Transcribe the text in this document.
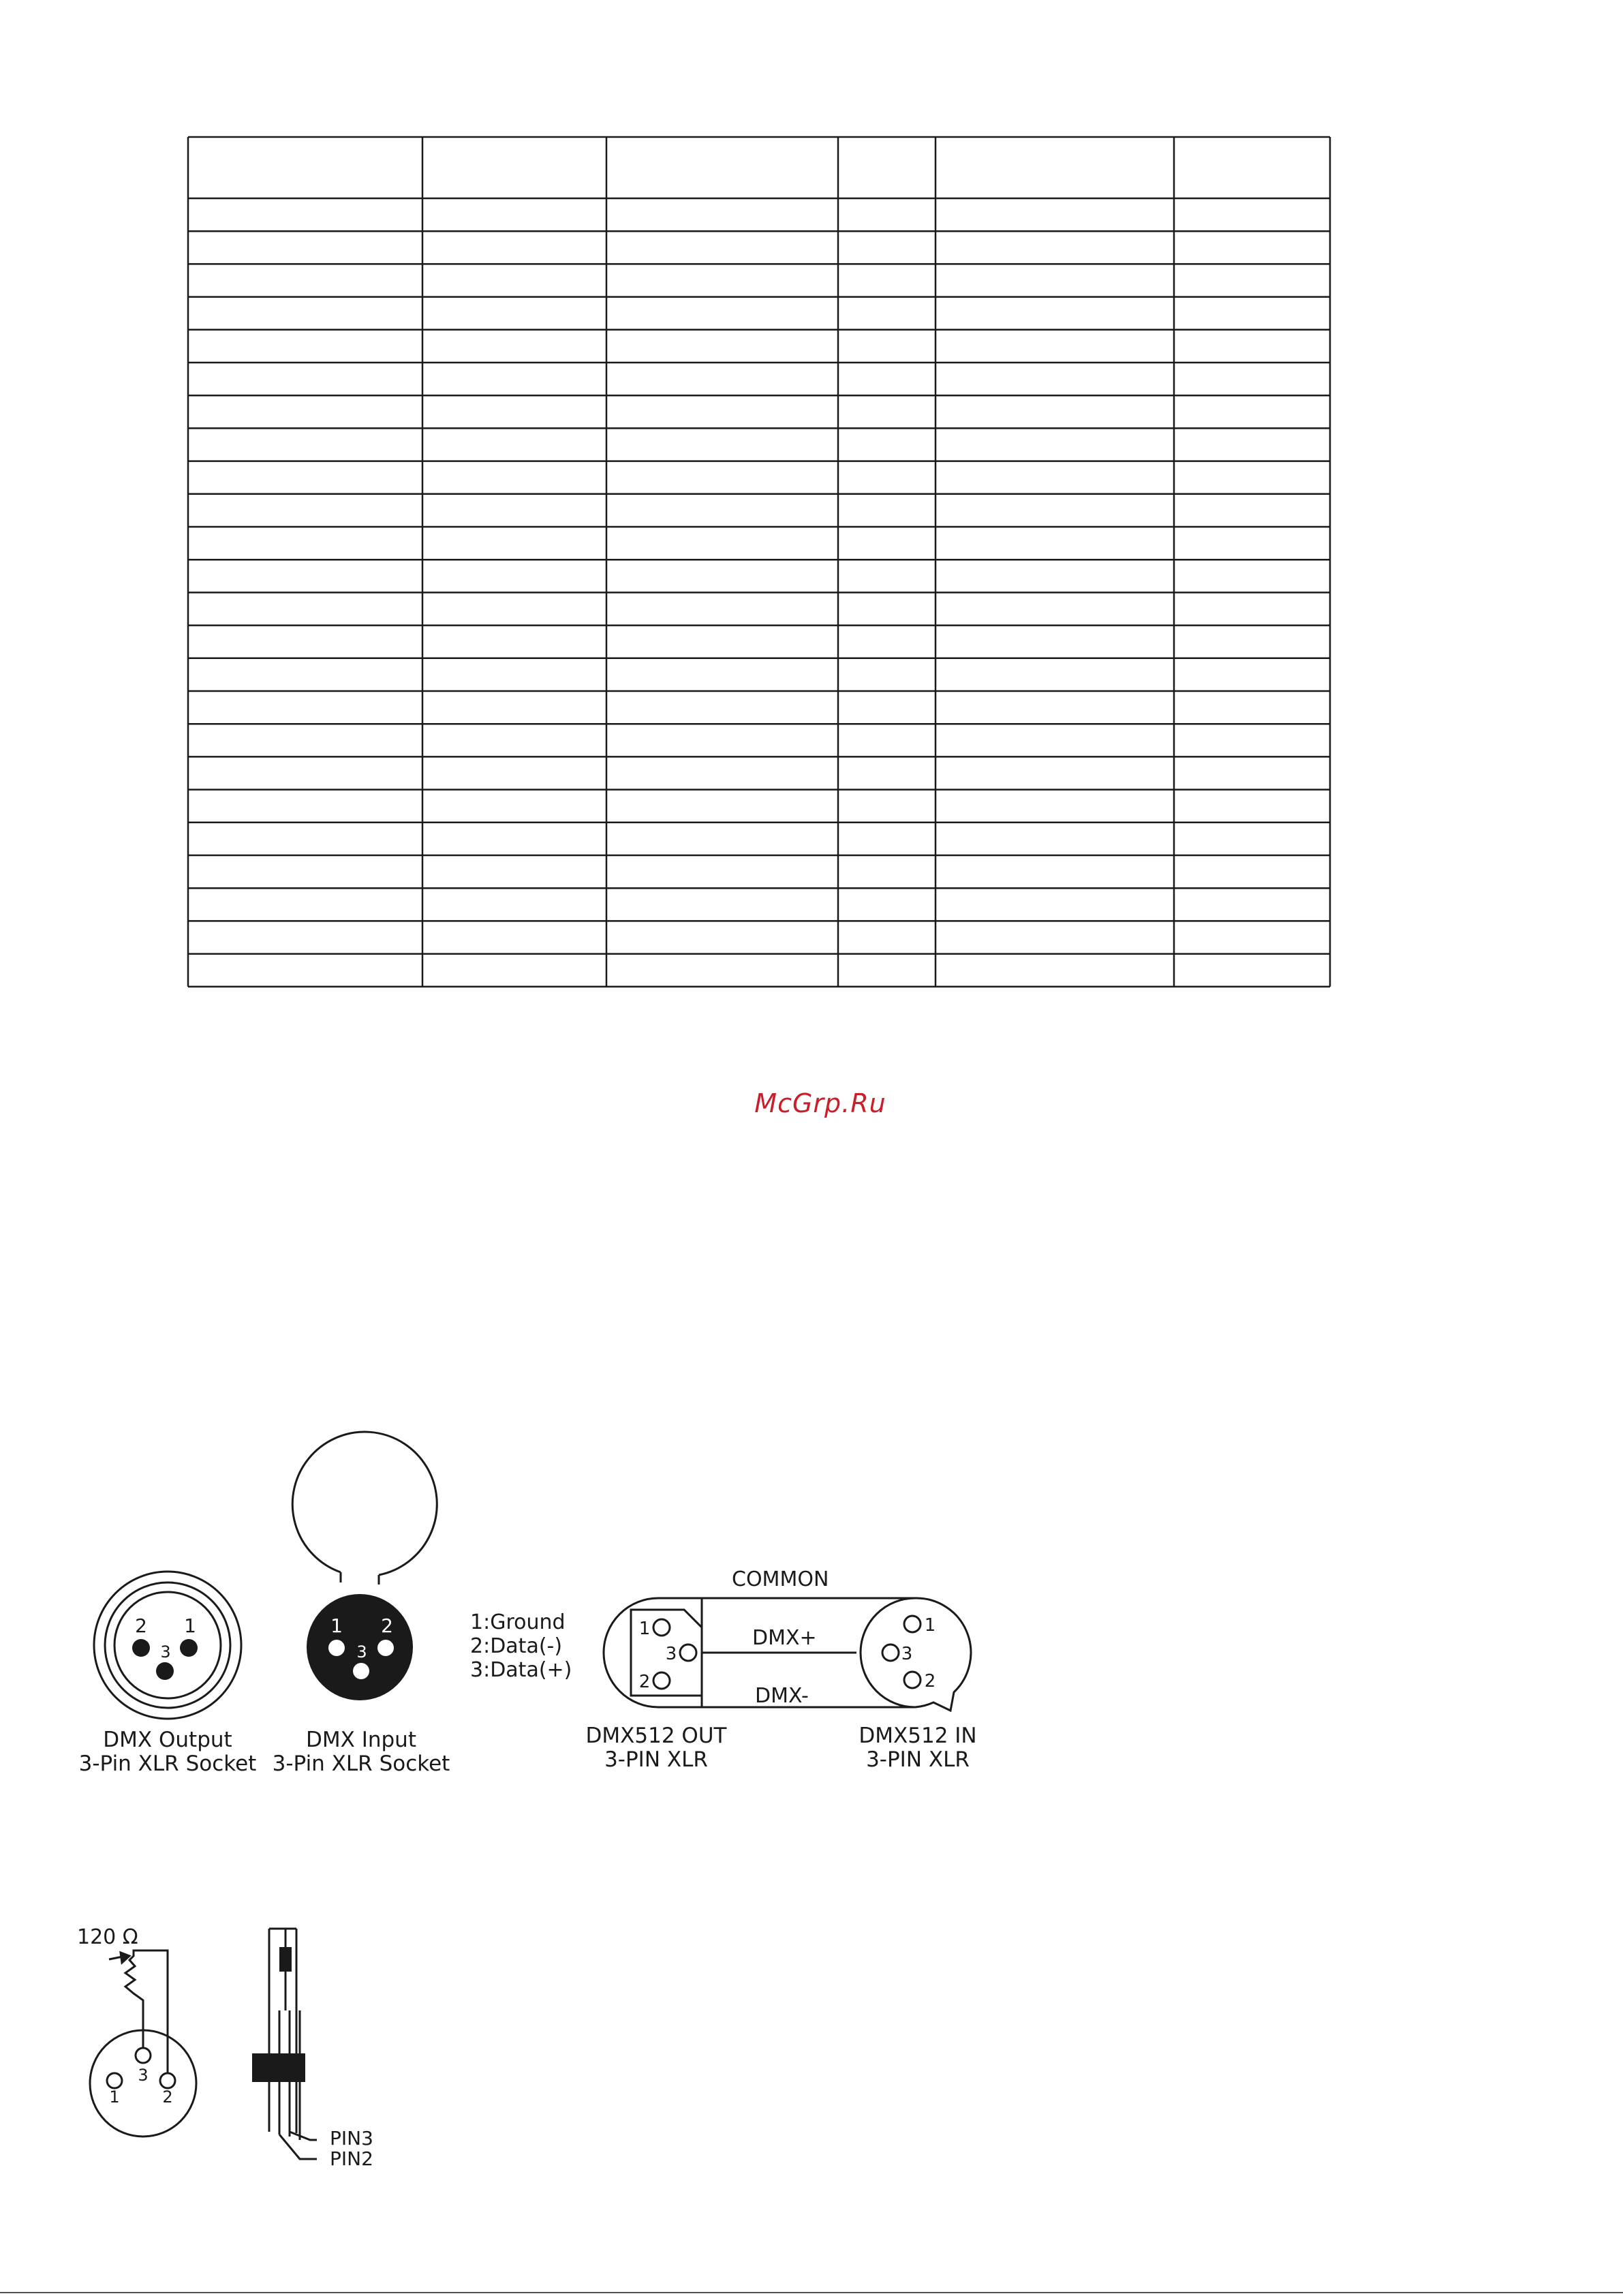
McGrp.Ru
2 1
3
1 2
3
1
3
2
1
3
2
3
1	2
DMX Output
3-Pin XLR Socket
DMX Input
3-Pin XLR Socket
1:Ground
2:Data(-)
3:Data(+)
COMMON
DMX+
DMX-
DMX512 OUT
3-PIN XLR
DMX512 IN
3-PIN XLR
120 Ω
PIN3
PIN2
